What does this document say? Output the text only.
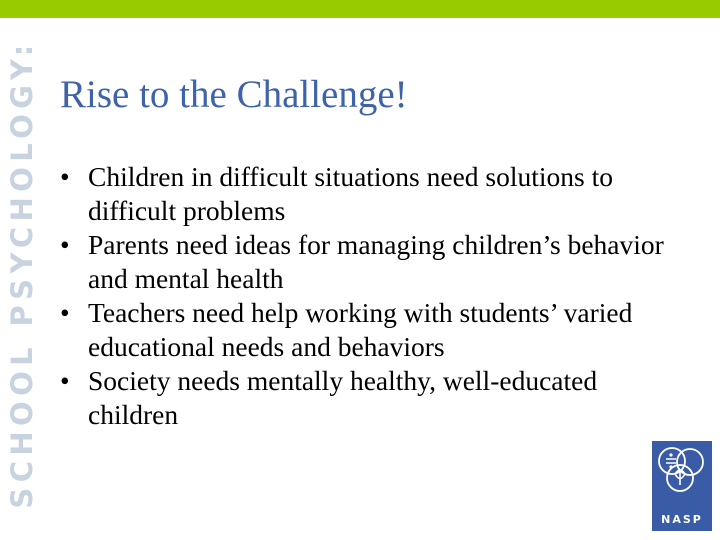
SCHOOL PSYCHOLOGY: Rise to the Challenge!
• Children in difficult situations need solutions to difficult problems
• Parents need ideas for managing children’s behavior and mental health
• Teachers need help working with students’ varied educational needs and behaviors
• Society needs mentally healthy, well-educated children
NASP
